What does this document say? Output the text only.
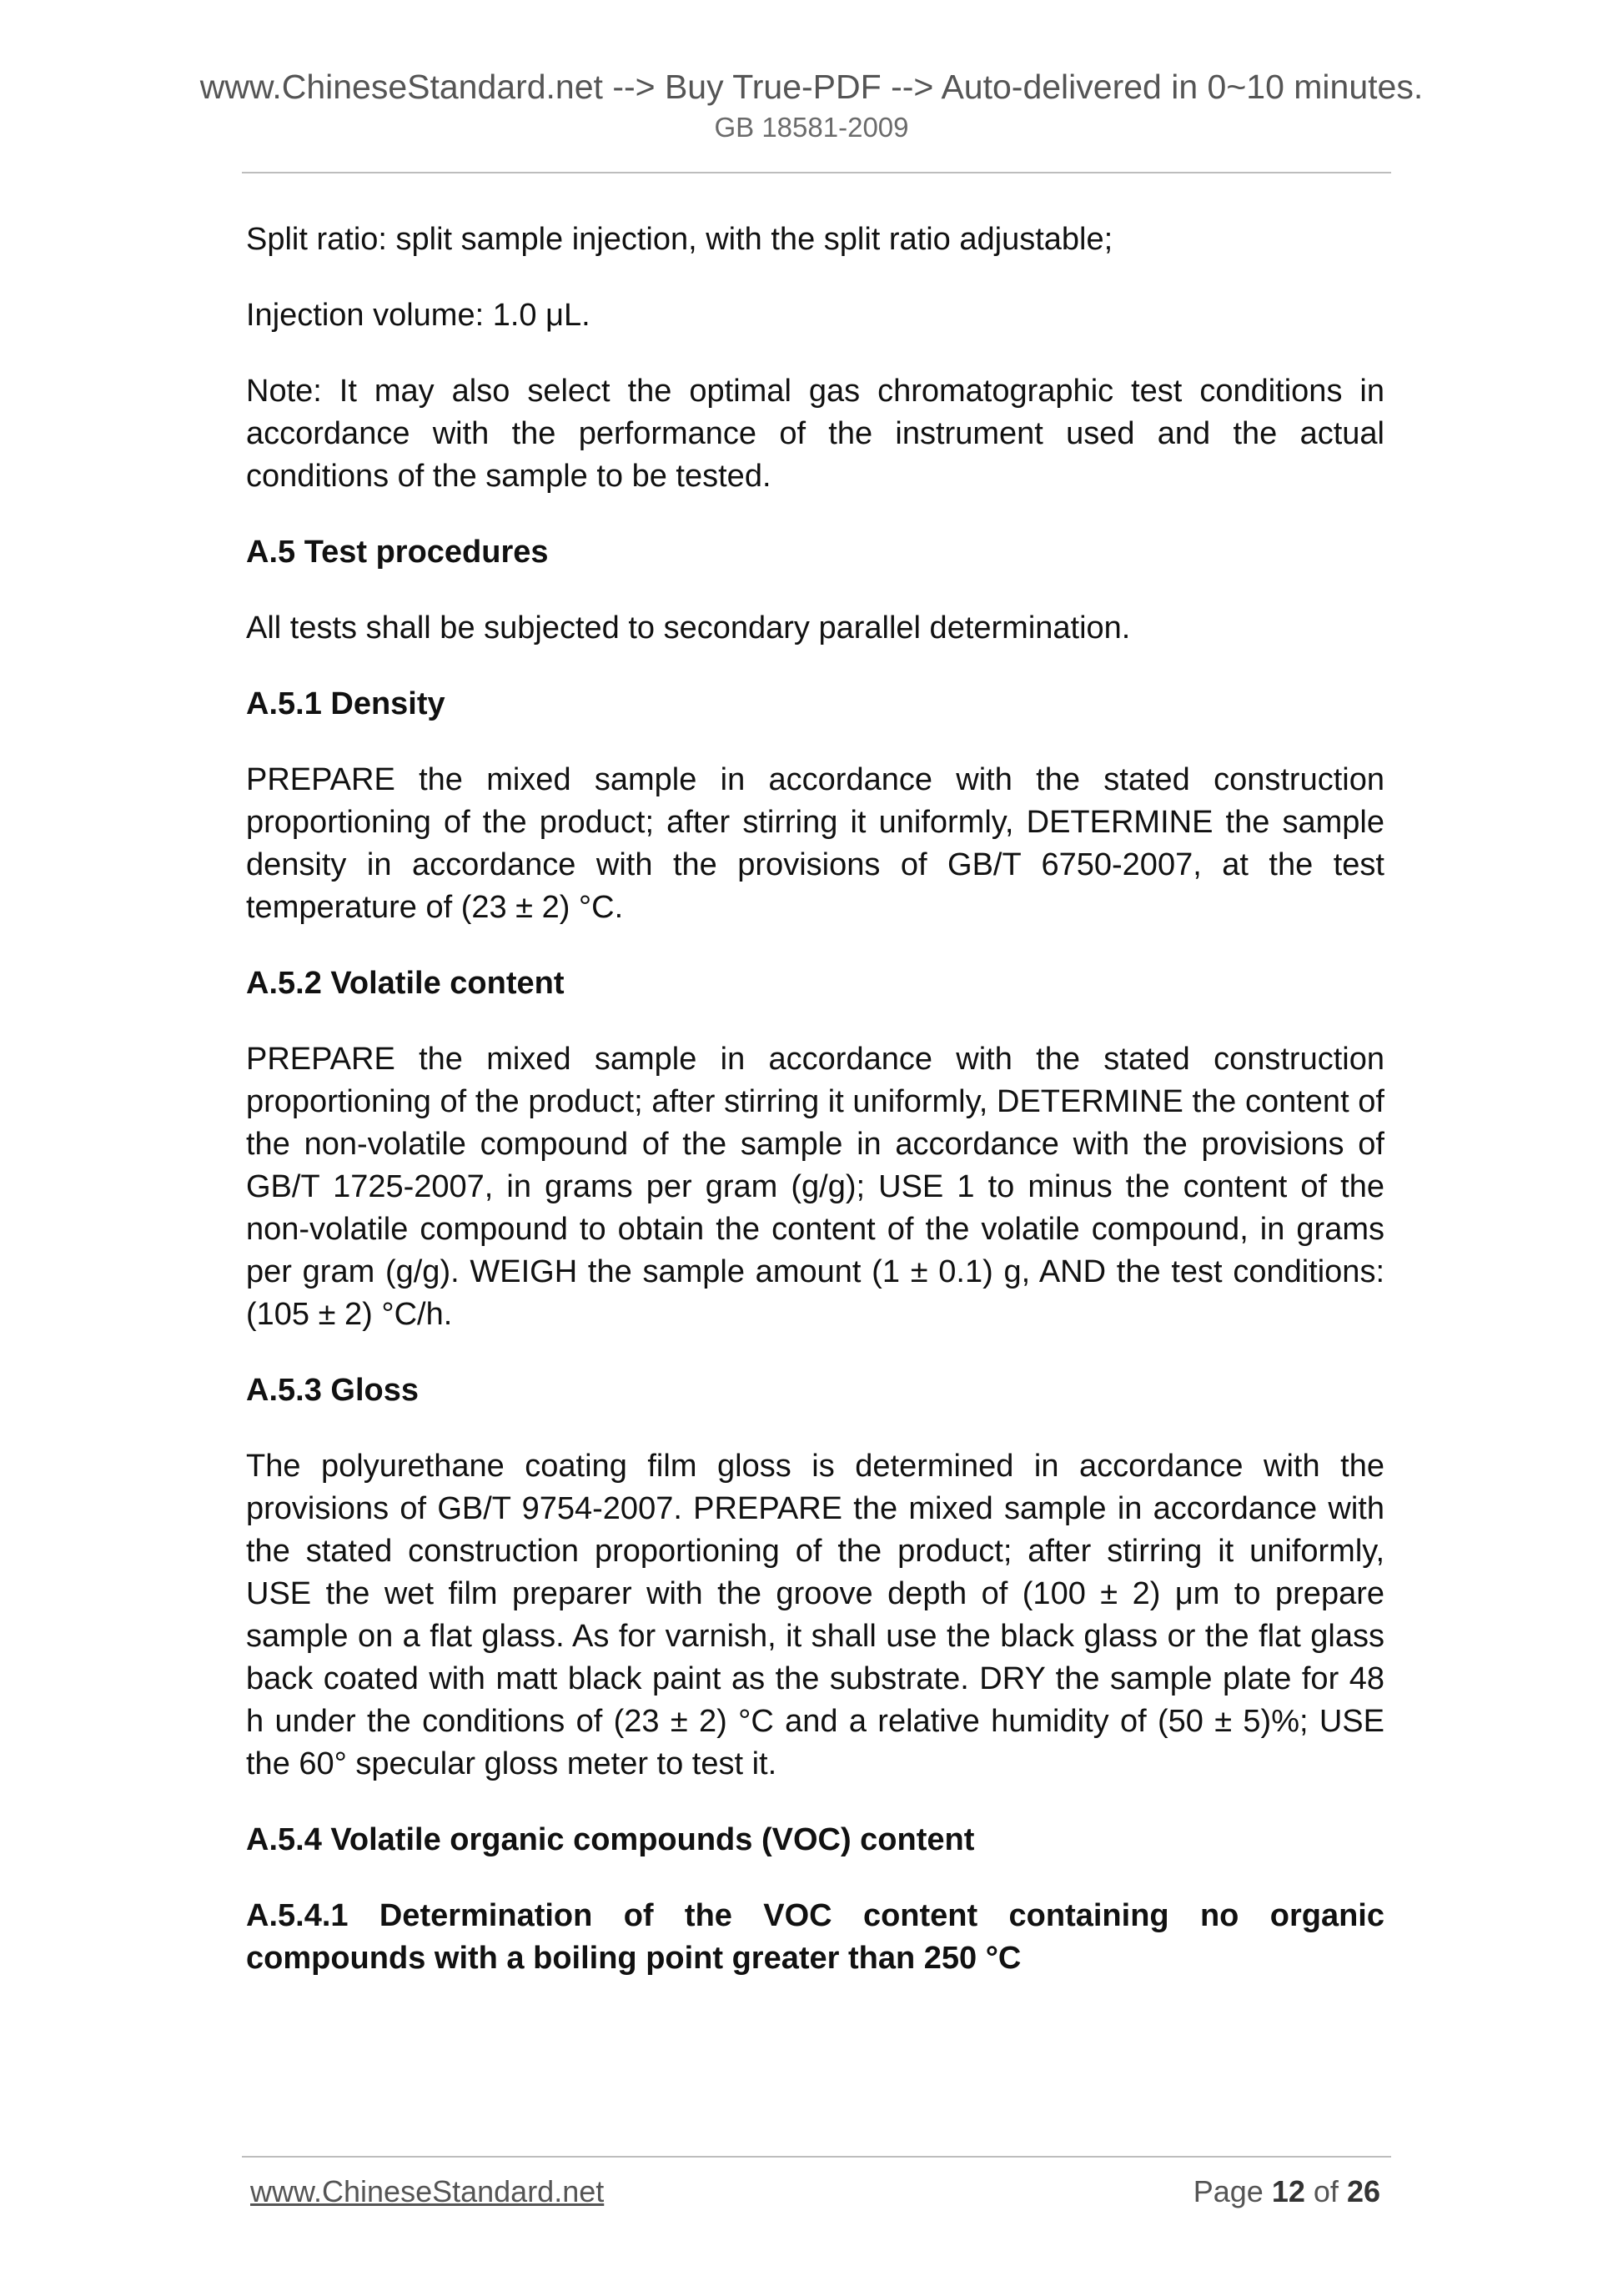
www.ChineseStandard.net --> Buy True-PDF --> Auto-delivered in 0~10 minutes.
GB 18581-2009

Split ratio: split sample injection, with the split ratio adjustable;

Injection volume: 1.0 μL.

Note: It may also select the optimal gas chromatographic test conditions in accordance with the performance of the instrument used and the actual conditions of the sample to be tested.

A.5 Test procedures

All tests shall be subjected to secondary parallel determination.

A.5.1 Density

PREPARE the mixed sample in accordance with the stated construction proportioning of the product; after stirring it uniformly, DETERMINE the sample density in accordance with the provisions of GB/T 6750-2007, at the test temperature of (23 ± 2) °C.

A.5.2 Volatile content

PREPARE the mixed sample in accordance with the stated construction proportioning of the product; after stirring it uniformly, DETERMINE the content of the non-volatile compound of the sample in accordance with the provisions of GB/T 1725-2007, in grams per gram (g/g); USE 1 to minus the content of the non-volatile compound to obtain the content of the volatile compound, in grams per gram (g/g). WEIGH the sample amount (1 ± 0.1) g, AND the test conditions: (105 ± 2) °C/h.

A.5.3 Gloss

The polyurethane coating film gloss is determined in accordance with the provisions of GB/T 9754-2007. PREPARE the mixed sample in accordance with the stated construction proportioning of the product; after stirring it uniformly, USE the wet film preparer with the groove depth of (100 ± 2) μm to prepare sample on a flat glass. As for varnish, it shall use the black glass or the flat glass back coated with matt black paint as the substrate. DRY the sample plate for 48 h under the conditions of (23 ± 2) °C and a relative humidity of (50 ± 5)%; USE the 60° specular gloss meter to test it.

A.5.4 Volatile organic compounds (VOC) content
A.5.4.1 Determination of the VOC content containing no organic compounds with a boiling point greater than 250 °C
www.ChineseStandard.net	Page 12 of 26
